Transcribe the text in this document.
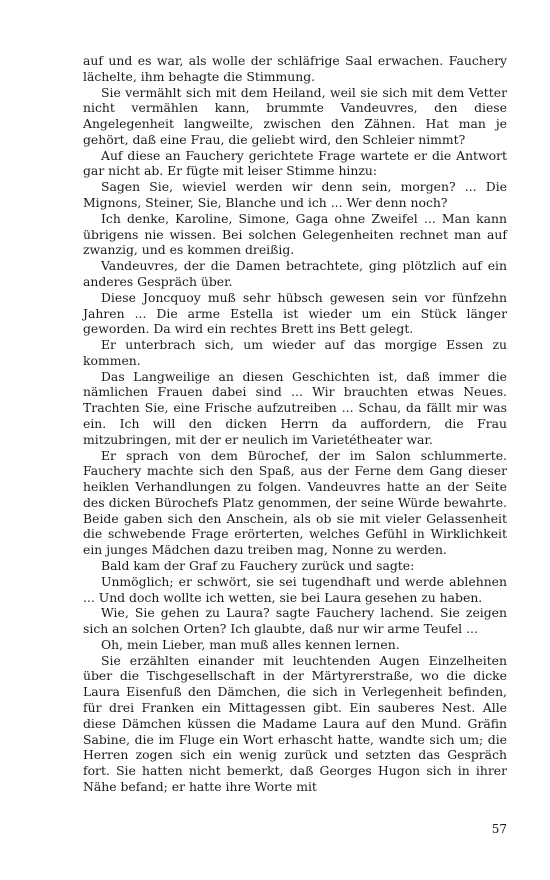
auf und es war, als wolle der schläfrige Saal erwachen. Fauchery lächelte, ihm behagte die Stimmung.

Sie vermählt sich mit dem Heiland, weil sie sich mit dem Vetter nicht vermählen kann, brummte Vandeuvres, den diese Angelegenheit langweilte, zwischen den Zähnen. Hat man je gehört, daß eine Frau, die geliebt wird, den Schleier nimmt?

Auf diese an Fauchery gerichtete Frage wartete er die Antwort gar nicht ab. Er fügte mit leiser Stimme hinzu:

Sagen Sie, wieviel werden wir denn sein, morgen? ... Die Mignons, Steiner, Sie, Blanche und ich ... Wer denn noch?

Ich denke, Karoline, Simone, Gaga ohne Zweifel ... Man kann übrigens nie wissen. Bei solchen Gelegenheiten rechnet man auf zwanzig, und es kommen dreißig.

Vandeuvres, der die Damen betrachtete, ging plötzlich auf ein anderes Gespräch über.

Diese Joncquoy muß sehr hübsch gewesen sein vor fünfzehn Jahren ... Die arme Estella ist wieder um ein Stück länger geworden. Da wird ein rechtes Brett ins Bett gelegt.

Er unterbrach sich, um wieder auf das morgige Essen zu kommen.

Das Langweilige an diesen Geschichten ist, daß immer die nämlichen Frauen dabei sind ... Wir brauchten etwas Neues. Trachten Sie, eine Frische aufzutreiben ... Schau, da fällt mir was ein. Ich will den dicken Herrn da auffordern, die Frau mitzubringen, mit der er neulich im Varietétheater war.

Er sprach von dem Bürochef, der im Salon schlummerte. Fauchery machte sich den Spaß, aus der Ferne dem Gang dieser heiklen Verhandlungen zu folgen. Vandeuvres hatte an der Seite des dicken Bürochefs Platz genommen, der seine Würde bewahrte. Beide gaben sich den Anschein, als ob sie mit vieler Gelassenheit die schwebende Frage erörterten, welches Gefühl in Wirklichkeit ein junges Mädchen dazu treiben mag, Nonne zu werden.

Bald kam der Graf zu Fauchery zurück und sagte:

Unmöglich; er schwört, sie sei tugendhaft und werde ablehnen ... Und doch wollte ich wetten, sie bei Laura gesehen zu haben.

Wie, Sie gehen zu Laura? sagte Fauchery lachend. Sie zeigen sich an solchen Orten? Ich glaubte, daß nur wir arme Teufel ...

Oh, mein Lieber, man muß alles kennen lernen.

Sie erzählten einander mit leuchtenden Augen Einzelheiten über die Tischgesellschaft in der Märtyrerstraße, wo die dicke Laura Eisenfuß den Dämchen, die sich in Verlegenheit befinden, für drei Franken ein Mittagessen gibt. Ein sauberes Nest. Alle diese Dämchen küssen die Madame Laura auf den Mund. Gräfin Sabine, die im Fluge ein Wort erhascht hatte, wandte sich um; die Herren zogen sich ein wenig zurück und setzten das Gespräch fort. Sie hatten nicht bemerkt, daß Georges Hugon sich in ihrer Nähe befand; er hatte ihre Worte mit

57
